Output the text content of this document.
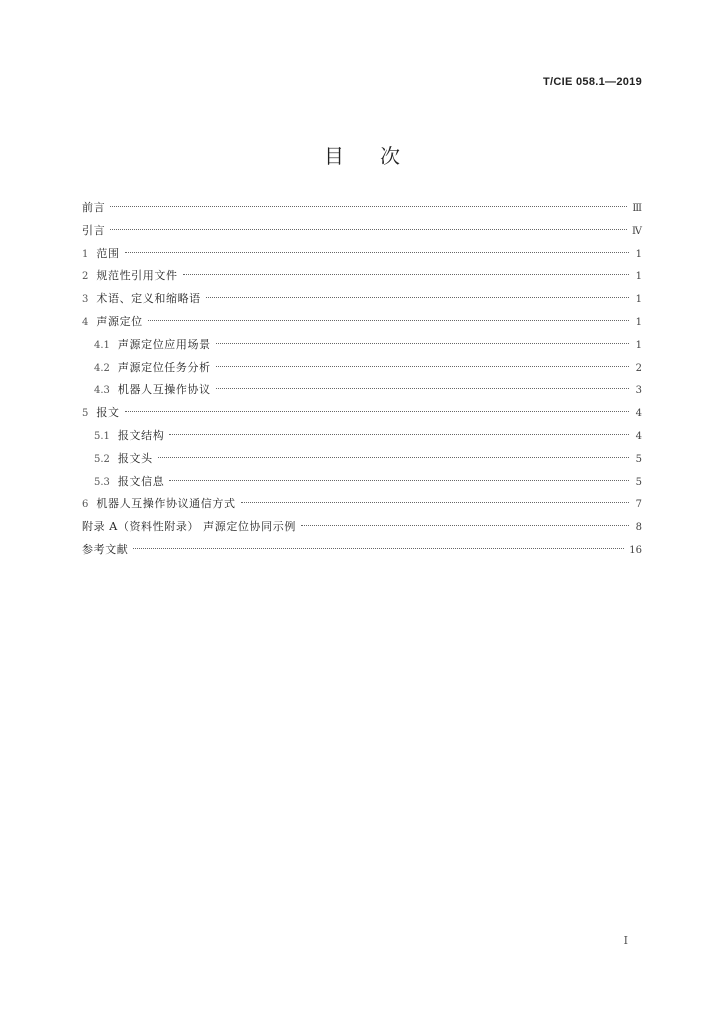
T/CIE 058.1—2019
目次
前言	Ⅲ
引言	Ⅳ
1 范围	1
2 规范性引用文件	1
3 术语、定义和缩略语	1
4 声源定位	1
4.1 声源定位应用场景	1
4.2 声源定位任务分析	2
4.3 机器人互操作协议	3
5 报文	4
5.1 报文结构	4
5.2 报文头	5
5.3 报文信息	5
6 机器人互操作协议通信方式	7
附录 A（资料性附录） 声源定位协同示例	8
参考文献	16
I
